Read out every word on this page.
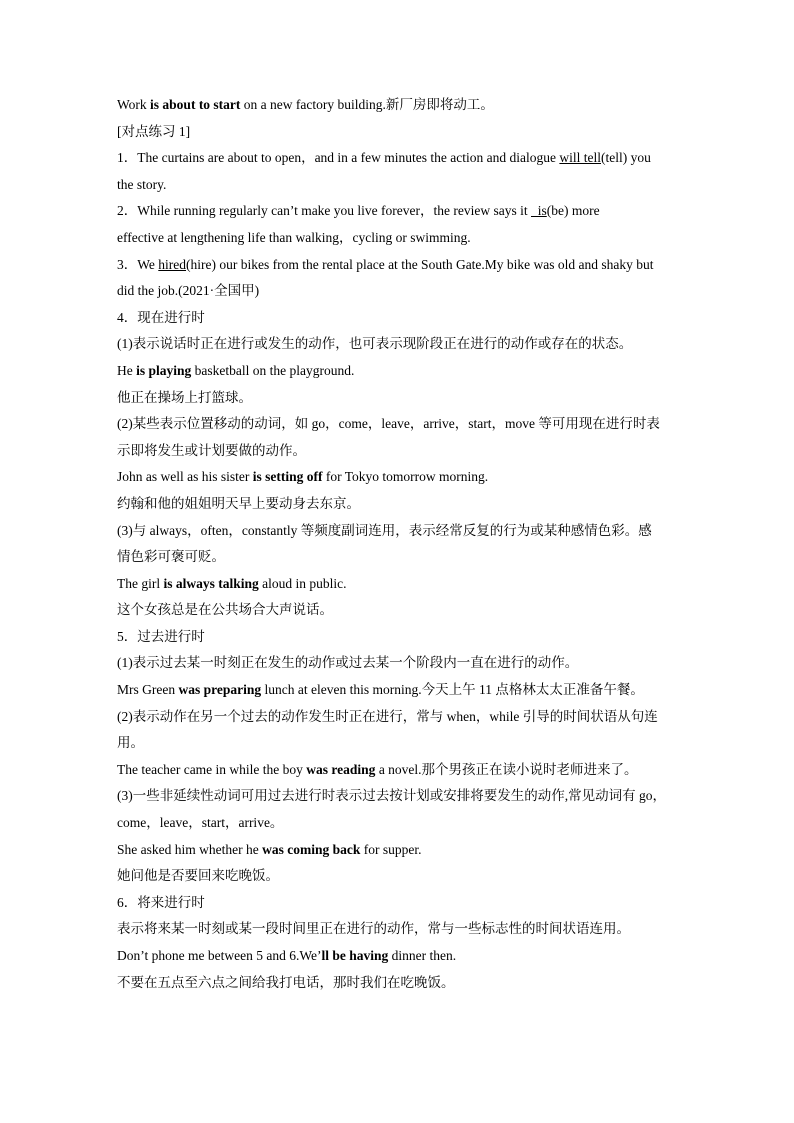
Work is about to start on a new factory building.新厂房即将动工。

[对点练习 1]

1．The curtains are about to open，and in a few minutes the action and dialogue will tell(tell) you

the story.

2．While running regularly can’t make you live forever，the review says it   is(be) more

effective at lengthening life than walking，cycling or swimming.

3．We hired(hire) our bikes from the rental place at the South Gate.My bike was old and shaky but

did the job.(2021·全国甲)

4．现在进行时

(1)表示说话时正在进行或发生的动作，也可表示现阶段正在进行的动作或存在的状态。

He is playing basketball on the playground.

他正在操场上打篮球。

(2)某些表示位置移动的动词，如 go，come，leave，arrive，start，move 等可用现在进行时表

示即将发生或计划要做的动作。

John as well as his sister is setting off for Tokyo tomorrow morning.

约翰和他的姐姐明天早上要动身去东京。

(3)与 always，often，constantly 等频度副词连用，表示经常反复的行为或某种感情色彩。感

情色彩可褒可贬。

The girl is always talking aloud in public.

这个女孩总是在公共场合大声说话。

5．过去进行时

(1)表示过去某一时刻正在发生的动作或过去某一个阶段内一直在进行的动作。

Mrs Green was preparing lunch at eleven this morning.今天上午 11 点格林太太正准备午餐。

(2)表示动作在另一个过去的动作发生时正在进行，常与 when，while 引导的时间状语从句连

用。

The teacher came in while the boy was reading a novel.那个男孩正在读小说时老师进来了。

(3)一些非延续性动词可用过去进行时表示过去按计划或安排将要发生的动作,常见动词有 go，

come，leave，start，arrive。

She asked him whether he was coming back for supper.

她问他是否要回来吃晚饭。

6．将来进行时

表示将来某一时刻或某一段时间里正在进行的动作，常与一些标志性的时间状语连用。

Don’t phone me between 5 and 6.We’ll be having dinner then.

不要在五点至六点之间给我打电话，那时我们在吃晚饭。
